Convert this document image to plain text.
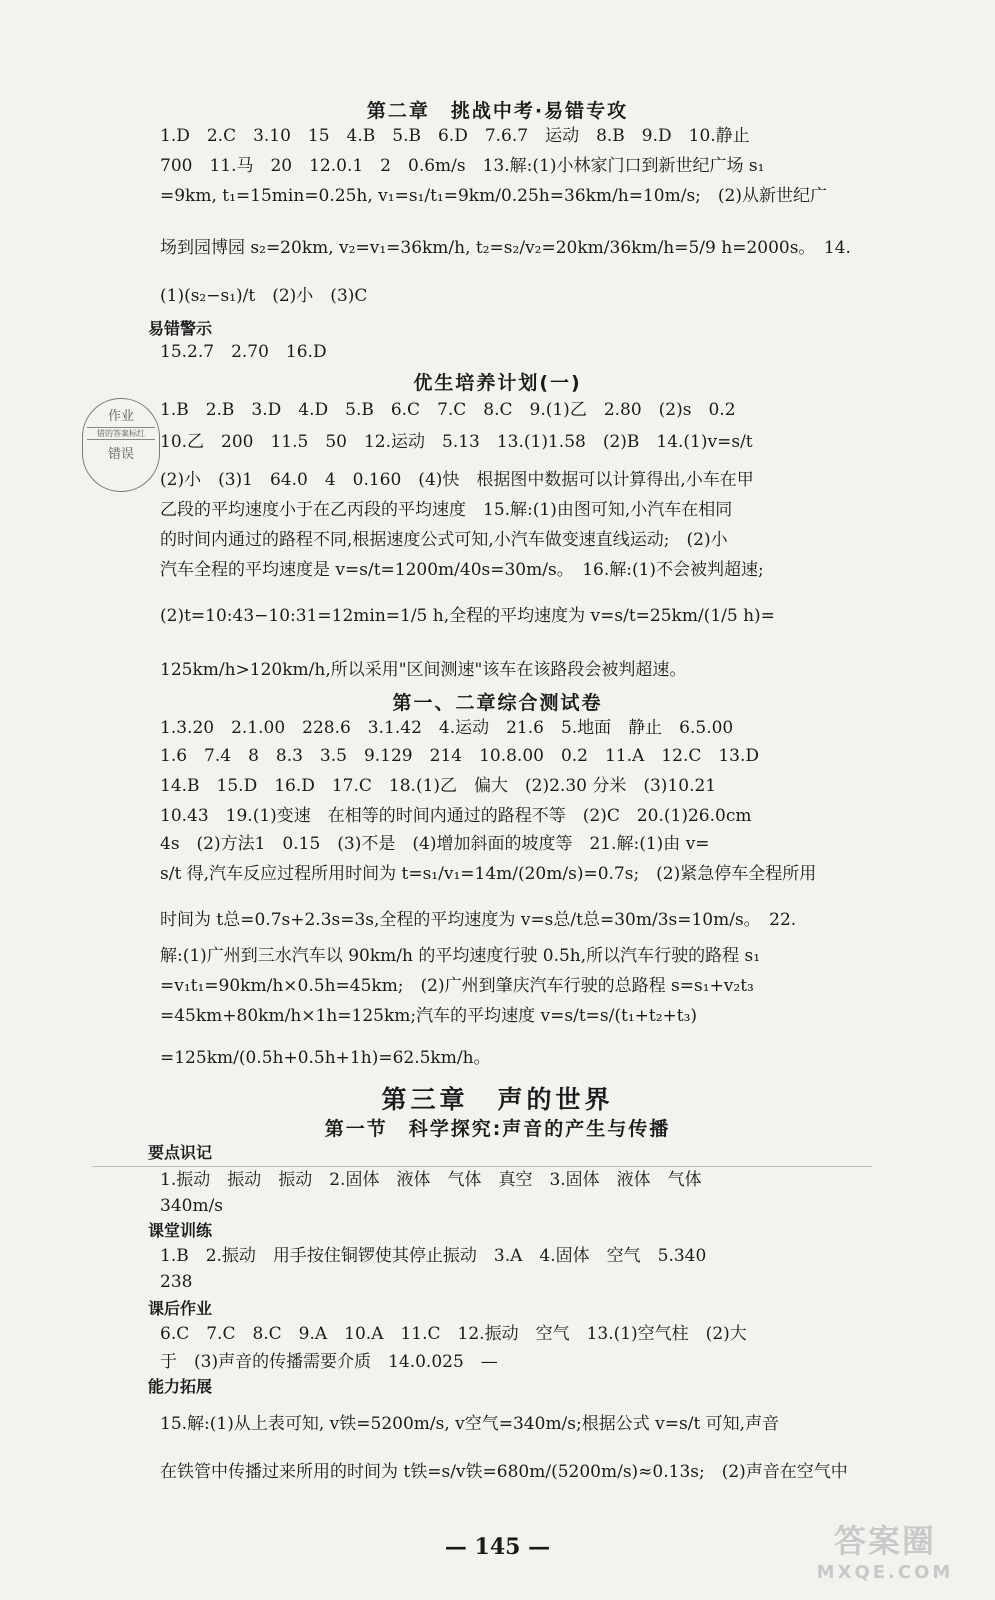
第二章　挑战中考·易错专攻
1.D　2.C　3.10　15　4.B　5.B　6.D　7.6.7　运动　8.B　9.D　10.静止
700　11.马　20　12.0.1　2　0.6m/s　13.解:(1)小林家门口到新世纪广场 s₁
=9km, t₁=15min=0.25h, v₁=s₁/t₁=9km/0.25h=36km/h=10m/s;　(2)从新世纪广
场到园博园 s₂=20km, v₂=v₁=36km/h, t₂=s₂/v₂=20km/36km/h=5/9 h=2000s。　14.
(1)(s₂−s₁)/t　(2)小　(3)C
易错警示
15.2.7　2.70　16.D
优生培养计划(一)
作业
错的答案标红
错误
1.B　2.B　3.D　4.D　5.B　6.C　7.C　8.C　9.(1)乙　2.80　(2)s　0.2
10.乙　200　11.5　50　12.运动　5.13　13.(1)1.58　(2)B　14.(1)v=s/t
(2)小　(3)1　64.0　4　0.160　(4)快　根据图中数据可以计算得出,小车在甲
乙段的平均速度小于在乙丙段的平均速度　15.解:(1)由图可知,小汽车在相同
的时间内通过的路程不同,根据速度公式可知,小汽车做变速直线运动;　(2)小
汽车全程的平均速度是 v=s/t=1200m/40s=30m/s。　16.解:(1)不会被判超速;
(2)t=10:43−10:31=12min=1/5 h,全程的平均速度为 v=s/t=25km/(1/5 h)=
125km/h>120km/h,所以采用"区间测速"该车在该路段会被判超速。
第一、二章综合测试卷
1.3.20　2.1.00　228.6　3.1.42　4.运动　21.6　5.地面　静止　6.5.00
1.6　7.4　8　8.3　3.5　9.129　214　10.8.00　0.2　11.A　12.C　13.D
14.B　15.D　16.D　17.C　18.(1)乙　偏大　(2)2.30 分米　(3)10.21
10.43　19.(1)变速　在相等的时间内通过的路程不等　(2)C　20.(1)26.0cm
4s　(2)方法1　0.15　(3)不是　(4)增加斜面的坡度等　21.解:(1)由 v=
s/t 得,汽车反应过程所用时间为 t=s₁/v₁=14m/(20m/s)=0.7s;　(2)紧急停车全程所用
时间为 t总=0.7s+2.3s=3s,全程的平均速度为 v=s总/t总=30m/3s=10m/s。　22.
解:(1)广州到三水汽车以 90km/h 的平均速度行驶 0.5h,所以汽车行驶的路程 s₁
=v₁t₁=90km/h×0.5h=45km;　(2)广州到肇庆汽车行驶的总路程 s=s₁+v₂t₃
=45km+80km/h×1h=125km;汽车的平均速度 v=s/t=s/(t₁+t₂+t₃)
=125km/(0.5h+0.5h+1h)=62.5km/h。
第三章　声的世界
第一节　科学探究:声音的产生与传播
要点识记
1.振动　振动　振动　2.固体　液体　气体　真空　3.固体　液体　气体
340m/s
课堂训练
1.B　2.振动　用手按住铜锣使其停止振动　3.A　4.固体　空气　5.340
238
课后作业
6.C　7.C　8.C　9.A　10.A　11.C　12.振动　空气　13.(1)空气柱　(2)大
于　(3)声音的传播需要介质　14.0.025　—
能力拓展
15.解:(1)从上表可知, v铁=5200m/s, v空气=340m/s;根据公式 v=s/t 可知,声音
在铁管中传播过来所用的时间为 t铁=s/v铁=680m/(5200m/s)≈0.13s;　(2)声音在空气中
— 145 —	答案圈
MXQE.COM
